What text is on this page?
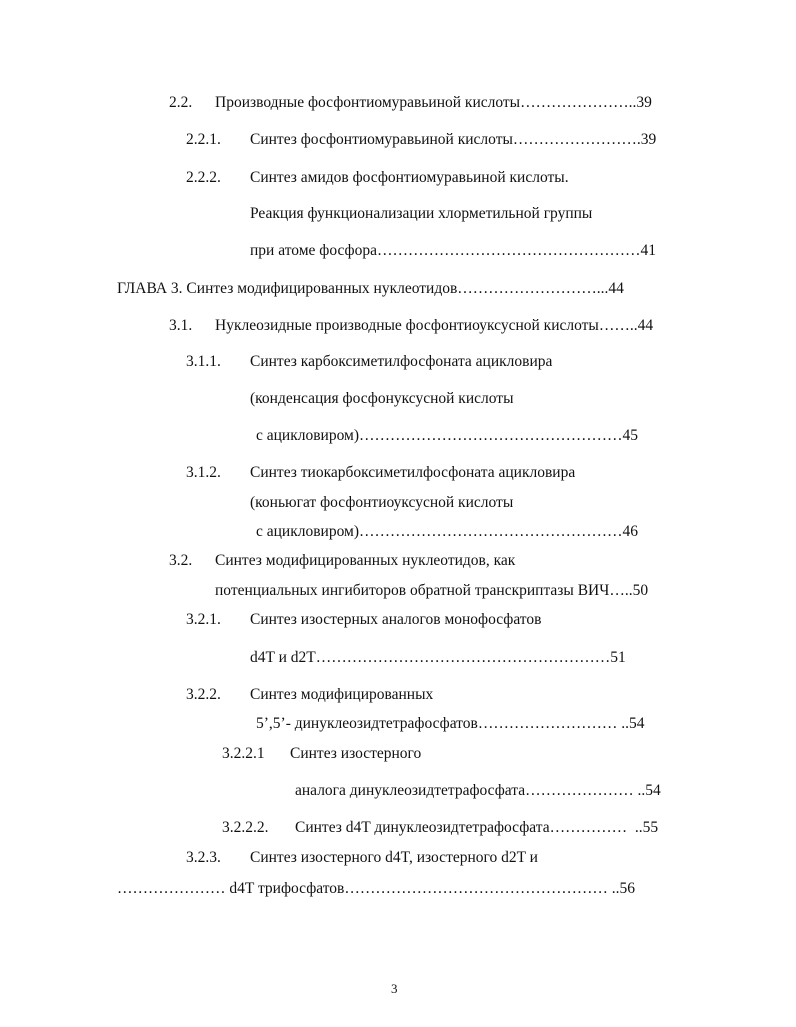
2.2. Производные фосфонтиомуравьиной кислоты…………………..39
2.2.1. Синтез фосфонтиомуравьиной кислоты…………………….39
2.2.2. Синтез амидов фосфонтиомуравьиной кислоты.
Реакция функционализации хлорметильной группы
при атоме фосфора……………………………………………41
ГЛАВА 3. Синтез модифицированных нуклеотидов………………………...44
3.1. Нуклеозидные производные фосфонтиоуксусной кислоты……..44
3.1.1. Синтез карбоксиметилфосфоната ацикловира
(конденсация фосфонуксусной кислоты
с ацикловиром)……………………………………………45
3.1.2. Синтез тиокарбоксиметилфосфоната ацикловира
(коньюгат фосфонтиоуксусной кислоты
с ацикловиром)……………………………………………46
3.2. Синтез модифицированных нуклеотидов, как
потенциальных ингибиторов обратной транскриптазы ВИЧ…..50
3.2.1. Синтез изостерных аналогов монофосфатов
d4T и d2T…………………………………………………51
3.2.2. Синтез модифицированных
5’,5’- динуклеозидтетрафосфатов……………………… ..54
3.2.2.1 Синтез изостерного
аналога динуклеозидтетрафосфата………………… ..54
3.2.2.2. Синтез d4T динуклеозидтетрафосфата……………  ..55
3.2.3. Синтез изостерного d4T, изостерного d2T и
………………… d4T трифосфатов…………………………………………… ..56
3
